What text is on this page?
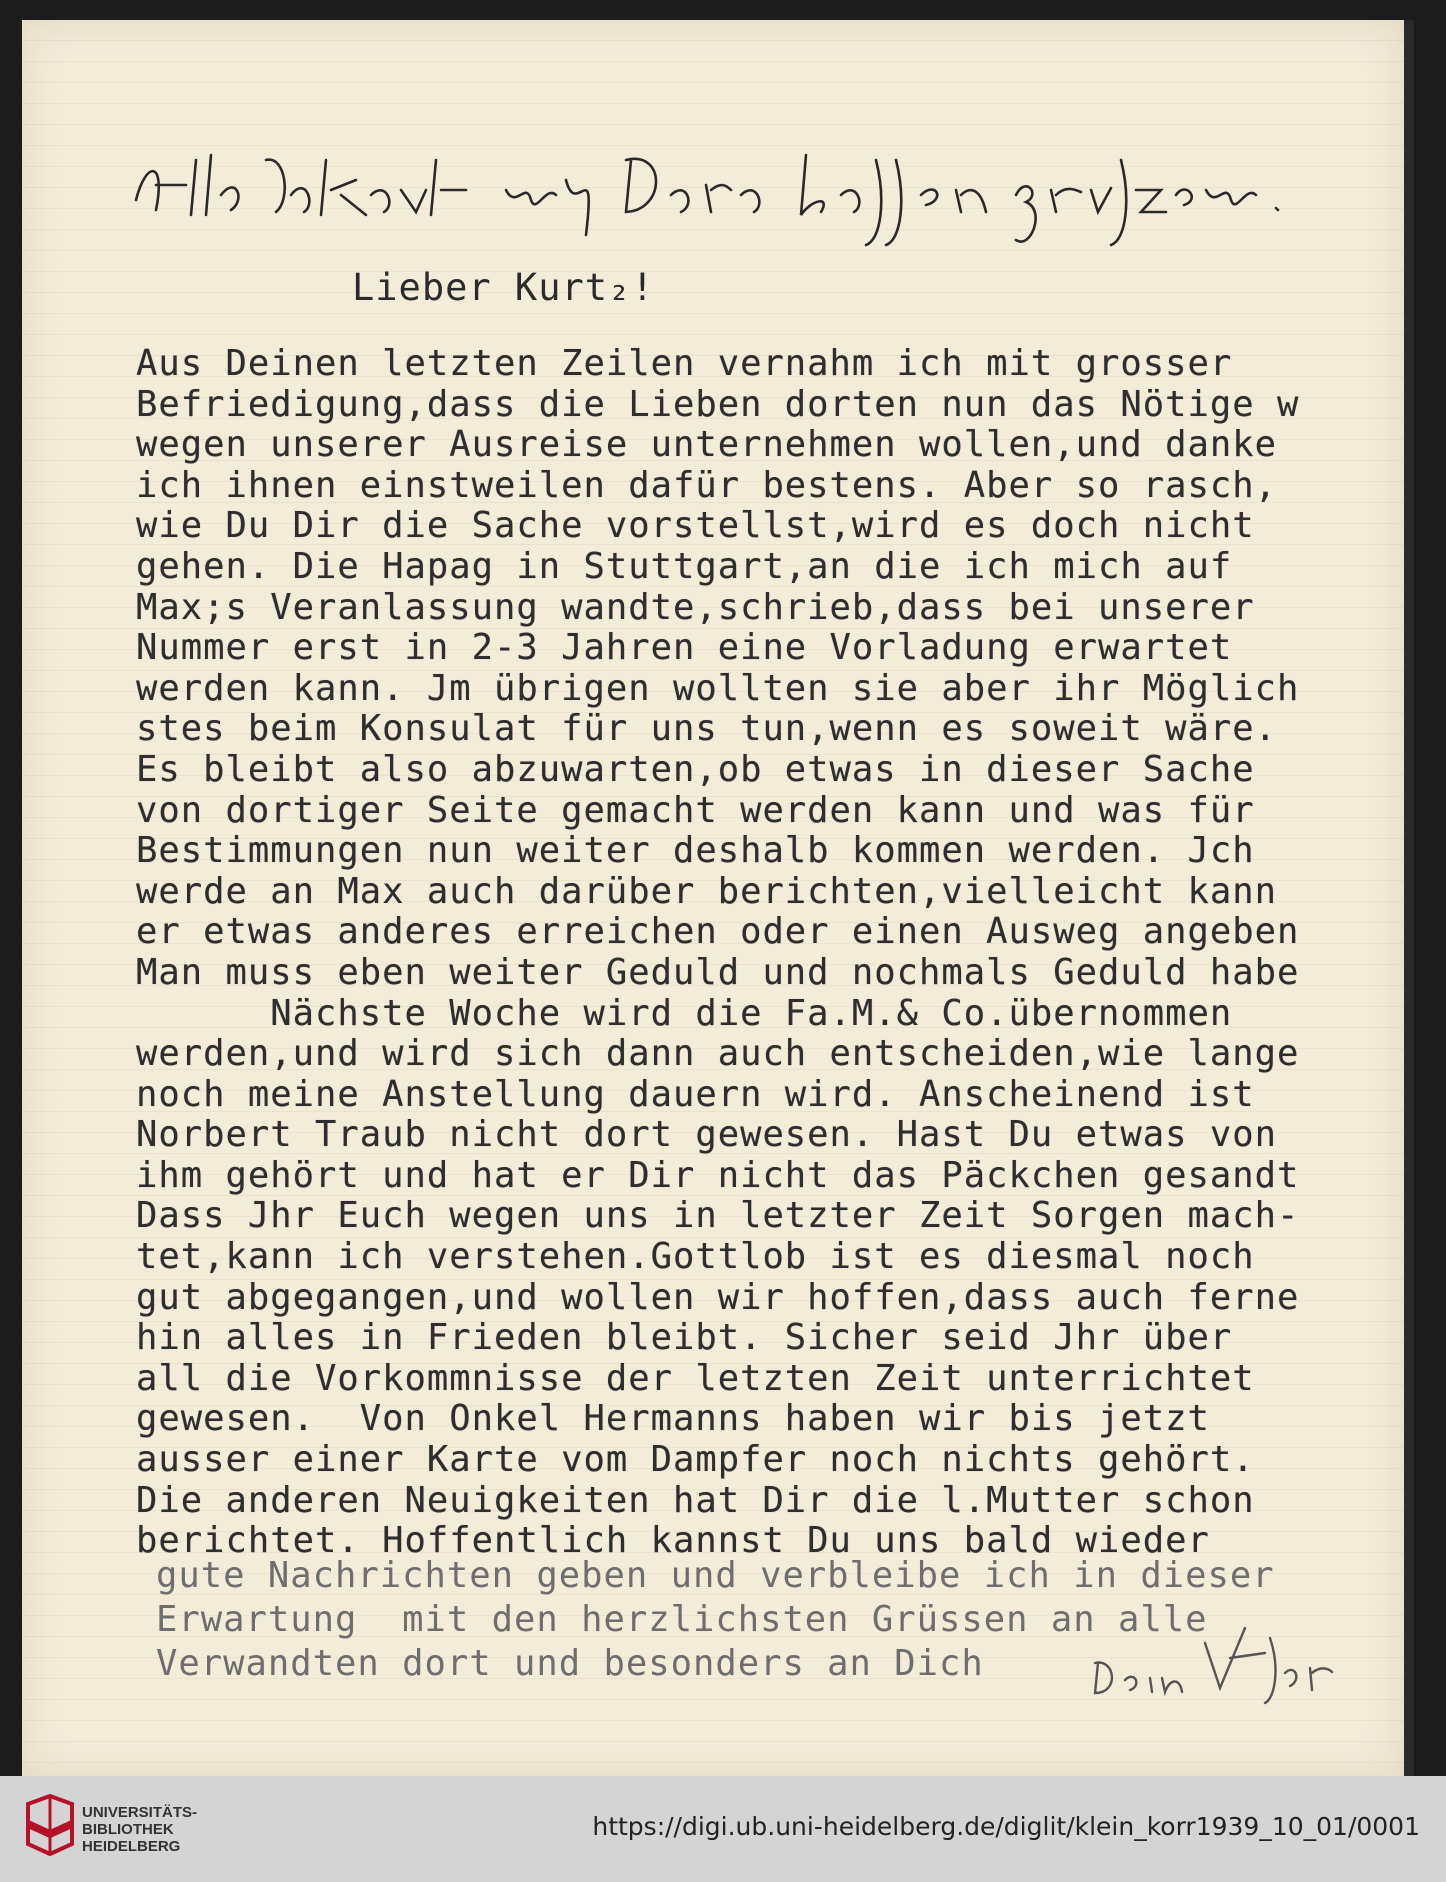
Lieber Kurt₂!
Aus Deinen letzten Zeilen vernahm ich mit grosser
Befriedigung,dass die Lieben dorten nun das Nötige w
wegen unserer Ausreise unternehmen wollen,und danke
ich ihnen einstweilen dafür bestens. Aber so rasch,
wie Du Dir die Sache vorstellst,wird es doch nicht
gehen. Die Hapag in Stuttgart,an die ich mich auf
Max;s Veranlassung wandte,schrieb,dass bei unserer
Nummer erst in 2-3 Jahren eine Vorladung erwartet
werden kann. Jm übrigen wollten sie aber ihr Möglich
stes beim Konsulat für uns tun,wenn es soweit wäre.
Es bleibt also abzuwarten,ob etwas in dieser Sache
von dortiger Seite gemacht werden kann und was für
Bestimmungen nun weiter deshalb kommen werden. Jch
werde an Max auch darüber berichten,vielleicht kann
er etwas anderes erreichen oder einen Ausweg angeben
Man muss eben weiter Geduld und nochmals Geduld habe
Nächste Woche wird die Fa.M.& Co.übernommen
werden,und wird sich dann auch entscheiden,wie lange
noch meine Anstellung dauern wird. Anscheinend ist
Norbert Traub nicht dort gewesen. Hast Du etwas von
ihm gehört und hat er Dir nicht das Päckchen gesandt
Dass Jhr Euch wegen uns in letzter Zeit Sorgen mach-
tet,kann ich verstehen.Gottlob ist es diesmal noch
gut abgegangen,und wollen wir hoffen,dass auch ferne
hin alles in Frieden bleibt. Sicher seid Jhr über
all die Vorkommnisse der letzten Zeit unterrichtet
gewesen.  Von Onkel Hermanns haben wir bis jetzt
ausser einer Karte vom Dampfer noch nichts gehört.
Die anderen Neuigkeiten hat Dir die l.Mutter schon
berichtet. Hoffentlich kannst Du uns bald wieder
gute Nachrichten geben und verbleibe ich in dieser
Erwartung  mit den herzlichsten Grüssen an alle
Verwandten dort und besonders an Dich
UNIVERSITÄTS-
BIBLIOTHEK
HEIDELBERG
https://digi.ub.uni-heidelberg.de/diglit/klein_korr1939_10_01/0001
